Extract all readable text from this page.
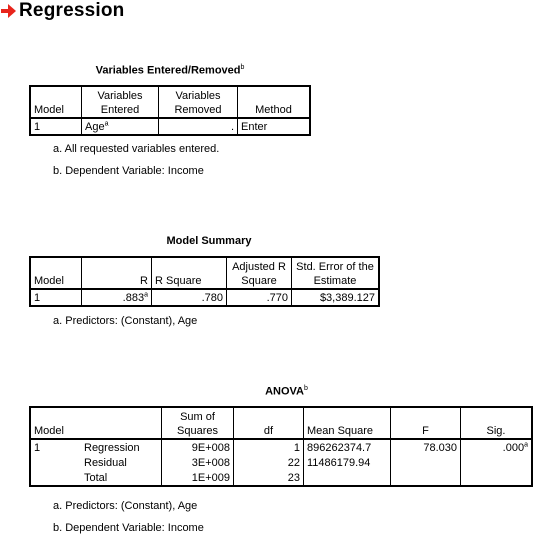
Regression
Variables Entered/Removed$^b$
Model	Variables Entered	Variables Removed	Method
1	Age$^a$	.	Enter
a. All requested variables entered.
b. Dependent Variable: Income
Model Summary
Model	R	R Square	Adjusted R Square	Std. Error of the Estimate
1	.883$^a$	.780	.770	$3,389.127
a. Predictors: (Constant), Age
ANOVA$^b$
Model		Sum of Squares	df	Mean Square	F	Sig.
1	Regression	9E+008	1	896262374.7	78.030	.000$^a$
	Residual	3E+008	22	11486179.94		
	Total	1E+009	23			
a. Predictors: (Constant), Age
b. Dependent Variable: Income
